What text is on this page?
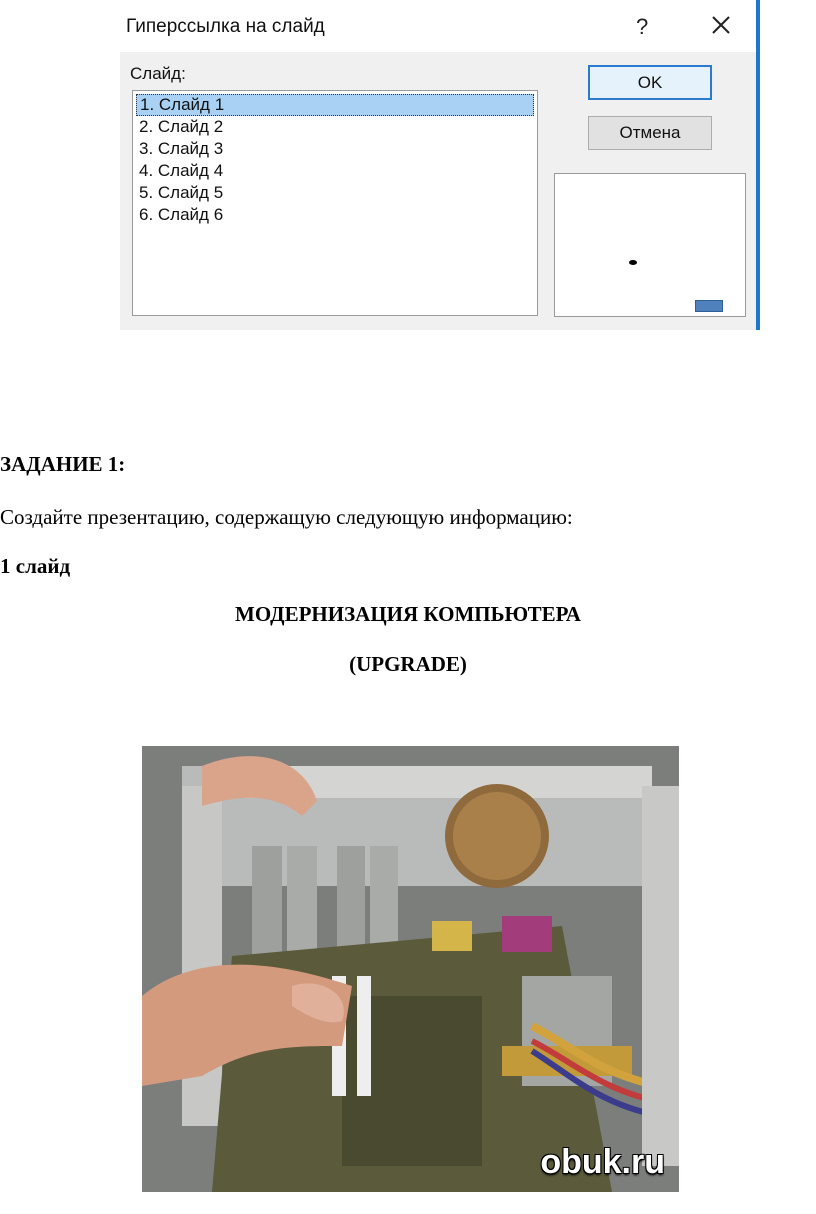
Гиперссылка на слайд	?
Слайд:
1. Слайд 1
2. Слайд 2
3. Слайд 3
4. Слайд 4
5. Слайд 5
6. Слайд 6
OK
Отмена
ЗАДАНИЕ 1:
Создайте презентацию, содержащую следующую информацию:
1 слайд
МОДЕРНИЗАЦИЯ КОМПЬЮТЕРА
(UPGRADE)
obuk.ru
